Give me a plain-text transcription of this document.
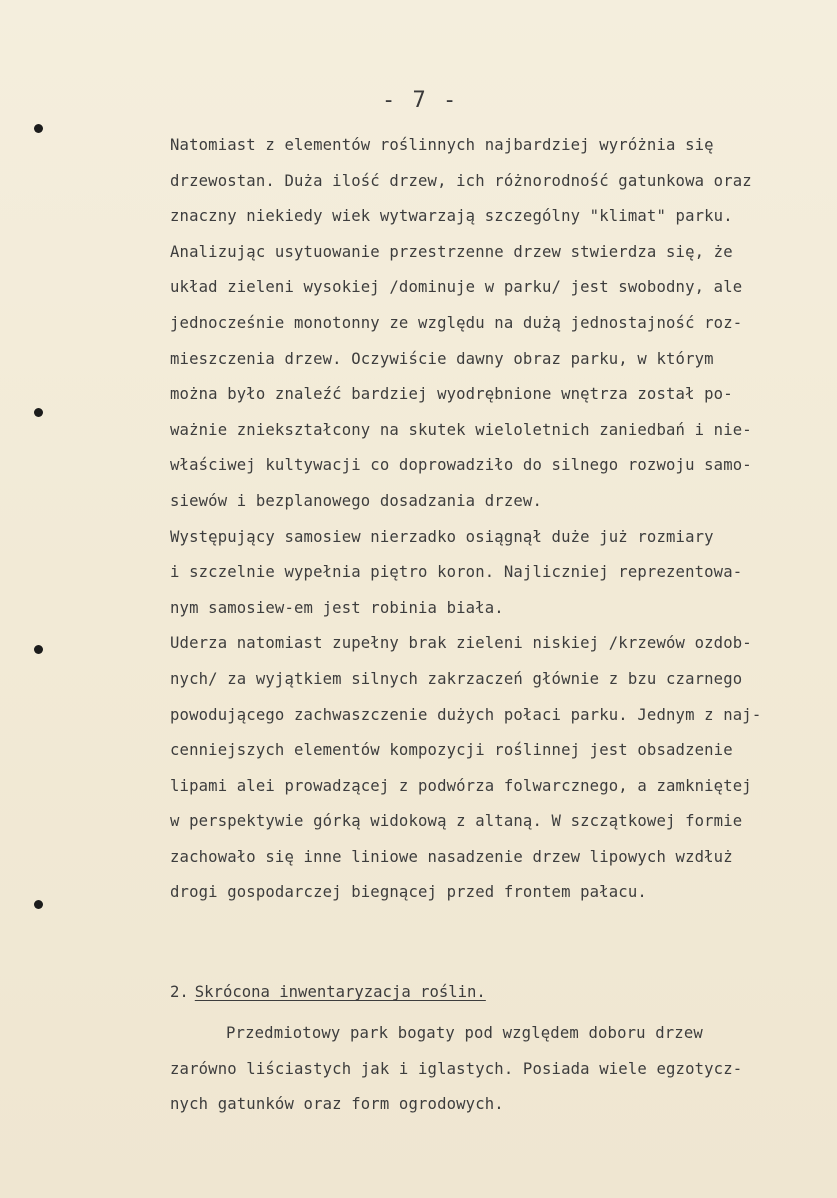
- 7 -
Natomiast z elementów roślinnych najbardziej wyróżnia się
drzewostan. Duża ilość drzew, ich różnorodność gatunkowa oraz
znaczny niekiedy wiek wytwarzają szczególny "klimat" parku.
Analizując usytuowanie przestrzenne drzew stwierdza się, że
układ zieleni wysokiej /dominuje w parku/ jest swobodny, ale
jednocześnie monotonny ze względu na dużą jednostajność roz-
mieszczenia drzew. Oczywiście dawny obraz parku, w którym
można było znaleźć bardziej wyodrębnione wnętrza został po-
ważnie zniekształcony na skutek wieloletnich zaniedbań i nie-
właściwej kultywacji co doprowadziło do silnego rozwoju samo-
siewów i bezplanowego dosadzania drzew.
Występujący samosiew nierzadko osiągnął duże już rozmiary
i szczelnie wypełnia piętro koron. Najliczniej reprezentowa-
nym samosiew-em jest robinia biała.
Uderza natomiast zupełny brak zieleni niskiej /krzewów ozdob-
nych/ za wyjątkiem silnych zakrzaczeń głównie z bzu czarnego
powodującego zachwaszczenie dużych połaci parku. Jednym z naj-
cenniejszych elementów kompozycji roślinnej jest obsadzenie
lipami alei prowadzącej z podwórza folwarcznego, a zamkniętej
w perspektywie górką widokową z altaną. W szczątkowej formie
zachowało się inne liniowe nasadzenie drzew lipowych wzdłuż
drogi gospodarczej biegnącej przed frontem pałacu.
2. Skrócona inwentaryzacja roślin.
Przedmiotowy park bogaty pod względem doboru drzew
zarówno liściastych jak i iglastych. Posiada wiele egzotycz-
nych gatunków oraz form ogrodowych.
